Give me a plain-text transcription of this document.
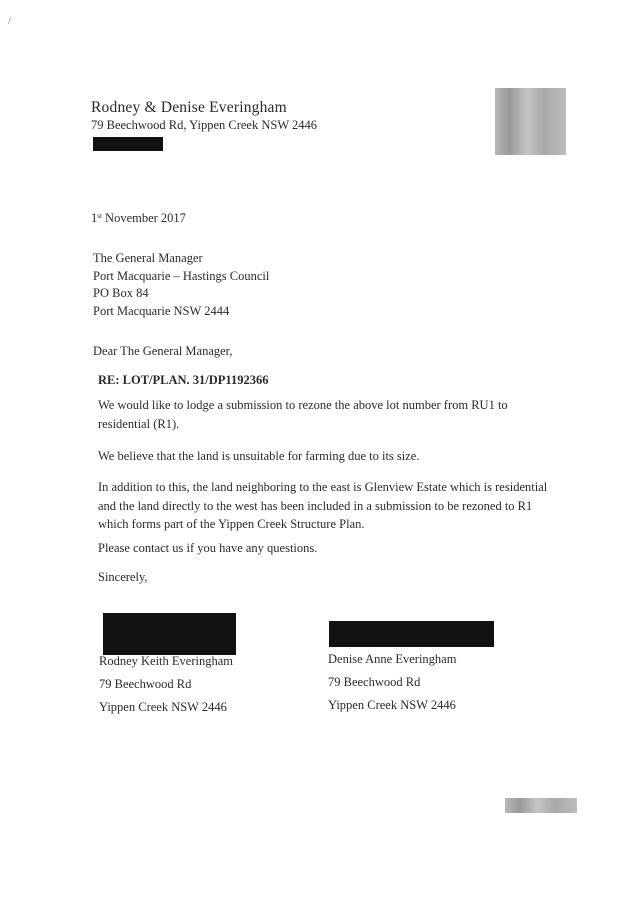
/
Rodney & Denise Everingham
79 Beechwood Rd, Yippen Creek NSW 2446
1st November 2017
The General Manager
Port Macquarie – Hastings Council
PO Box 84
Port Macquarie NSW 2444
Dear The General Manager,
RE: LOT/PLAN. 31/DP1192366
We would like to lodge a submission to rezone the above lot number from RU1 to
residential (R1).
We believe that the land is unsuitable for farming due to its size.
In addition to this, the land neighboring to the east is Glenview Estate which is residential
and the land directly to the west has been included in a submission to be rezoned to R1
which forms part of the Yippen Creek Structure Plan.
Please contact us if you have any questions.
Sincerely,
Rodney Keith Everingham
79 Beechwood Rd
Yippen Creek NSW 2446
Denise Anne Everingham
79 Beechwood Rd
Yippen Creek NSW 2446
